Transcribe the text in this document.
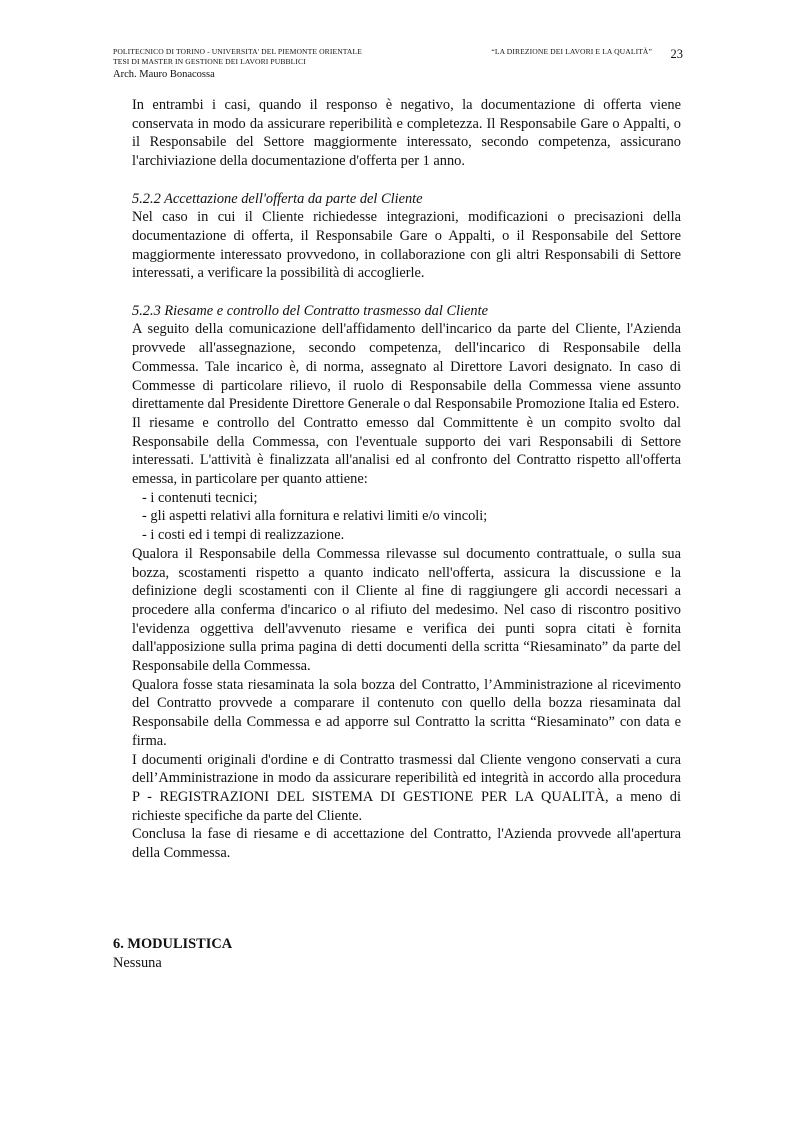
POLITECNICO DI TORINO - UNIVERSITA' DEL PIEMONTE ORIENTALE
TESI DI MASTER IN GESTIONE DEI LAVORI PUBBLICI
Arch. Mauro Bonacossa
“LA DIREZIONE DEI LAVORI E LA QUALITÀ” 23

In entrambi i casi, quando il responso è negativo, la documentazione di offerta viene conservata in modo da assicurare reperibilità e completezza. Il Responsabile Gare o Appalti, o il Responsabile del Settore maggiormente interessato, secondo competenza, assicurano l'archiviazione della documentazione d'offerta per 1 anno.

5.2.2 Accettazione dell'offerta da parte del Cliente

Nel caso in cui il Cliente richiedesse integrazioni, modificazioni o precisazioni della documentazione di offerta, il Responsabile Gare o Appalti, o il Responsabile del Settore maggiormente interessato provvedono, in collaborazione con gli altri Responsabili di Settore interessati, a verificare la possibilità di accoglierle.

5.2.3 Riesame e controllo del Contratto trasmesso dal Cliente

A seguito della comunicazione dell'affidamento dell'incarico da parte del Cliente, l'Azienda provvede all'assegnazione, secondo competenza, dell'incarico di Responsabile della Commessa. Tale incarico è, di norma, assegnato al Direttore Lavori designato. In caso di Commesse di particolare rilievo, il ruolo di Responsabile della Commessa viene assunto direttamente dal Presidente Direttore Generale o dal Responsabile Promozione Italia ed Estero.

Il riesame e controllo del Contratto emesso dal Committente è un compito svolto dal Responsabile della Commessa, con l'eventuale supporto dei vari Responsabili di Settore interessati. L'attività è finalizzata all'analisi ed al confronto del Contratto rispetto all'offerta emessa, in particolare per quanto attiene:

- i contenuti tecnici;

- gli aspetti relativi alla fornitura e relativi limiti e/o vincoli;

- i costi ed i tempi di realizzazione.

Qualora il Responsabile della Commessa rilevasse sul documento contrattuale, o sulla sua bozza, scostamenti rispetto a quanto indicato nell'offerta, assicura la discussione e la definizione degli scostamenti con il Cliente al fine di raggiungere gli accordi necessari a procedere alla conferma d'incarico o al rifiuto del medesimo. Nel caso di riscontro positivo l'evidenza oggettiva dell'avvenuto riesame e verifica dei punti sopra citati è fornita dall'apposizione sulla prima pagina di detti documenti della scritta “Riesaminato” da parte del Responsabile della Commessa.

Qualora fosse stata riesaminata la sola bozza del Contratto, l’Amministrazione al ricevimento del Contratto provvede a comparare il contenuto con quello della bozza riesaminata dal Responsabile della Commessa e ad apporre sul Contratto la scritta “Riesaminato” con data e firma.

I documenti originali d'ordine e di Contratto trasmessi dal Cliente vengono conservati a cura dell’Amministrazione in modo da assicurare reperibilità ed integrità in accordo alla procedura P - REGISTRAZIONI DEL SISTEMA DI GESTIONE PER LA QUALITÀ, a meno di richieste specifiche da parte del Cliente.

Conclusa la fase di riesame e di accettazione del Contratto, l'Azienda provvede all'apertura della Commessa.

6. MODULISTICA
Nessuna
